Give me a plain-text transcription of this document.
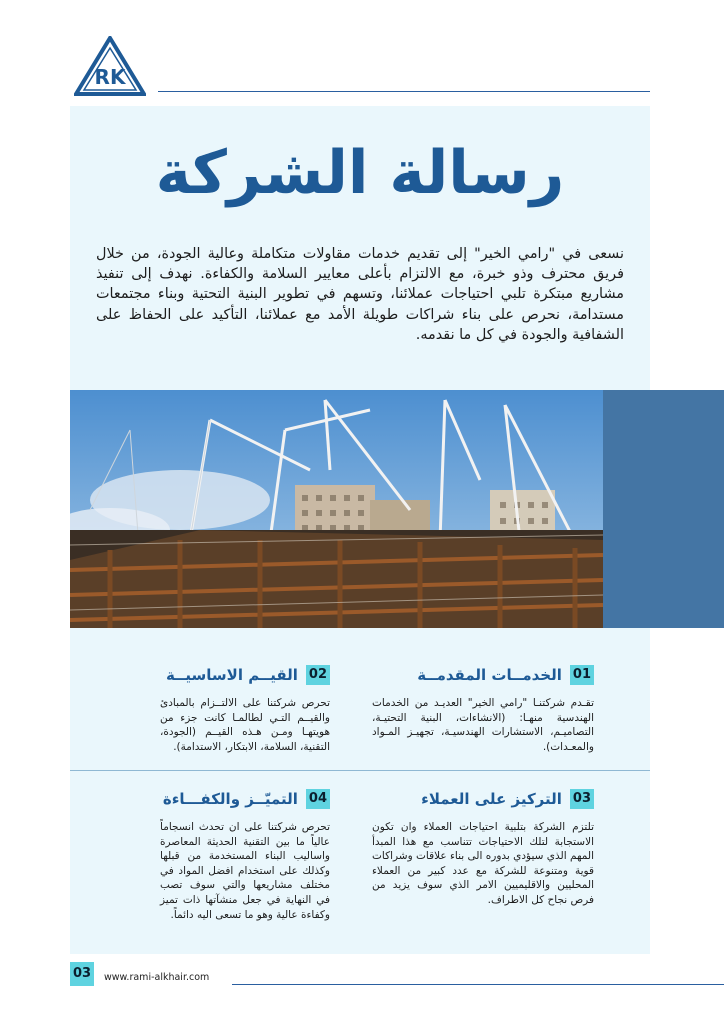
RK
رسالة الشركة

نسعى في "رامي الخير" إلى تقديم خدمات مقاولات متكاملة وعالية الجودة، من خلال فريق محترف وذو خبرة، مع الالتزام بأعلى معايير السلامة والكفاءة. نهدف إلى تنفيذ مشاريع مبتكرة تلبي احتياجات عملائنا، وتسهم في تطوير البنية التحتية وبناء مجتمعات مستدامة، نحرص على بناء شراكات طويلة الأمد مع عملائنا، التأكيد على الحفاظ على الشفافية والجودة في كل ما نقدمه.

01
الخدمــات المقدمــة

تقـدم شركتنـا "رامي الخير" العديـد من الخدمات الهندسية منهـا: (الانشاءات، البنية التحتيـة، التصاميـم، الاستشارات الهندسيـة، تجهيـز المـواد والمعـدات).

02
القيــم الاساسيــة

تحرص شركتنا على الالتــزام بالمبادئ والقيــم التـي لطالمـا كانت جزء من هويتهـا ومـن هـذه القيــم (الجودة، التقنية، السلامة، الابتكار، الاستدامة).

03
التركيز على العملاء

تلتزم الشركة بتلبية احتياجات العملاء وان تكون الاستجابة لتلك الاحتياجات تتناسب مع هذا المبدأ المهم الذي سيؤدي بدوره الى بناء علاقات وشراكات قوية ومتنوعة للشركة مع عدد كبير من العملاء المحليين والاقليميين الامر الذي سوف يزيد من فرص نجاح كل الاطراف.

04
التميّــز والكفـــاءة

تحرص شركتنا على ان تحدث انسجاماً عالياً ما بين التقنية الحديثة المعاصرة واساليب البناء المستخدمة من قبلها وكذلك على استخدام افضل المواد في مختلف مشاريعها والتي سوف تصب في النهاية في جعل منشآتها ذات تميز وكفاءة عالية وهو ما تسعى اليه دائماً.

03	www.rami-alkhair.com
